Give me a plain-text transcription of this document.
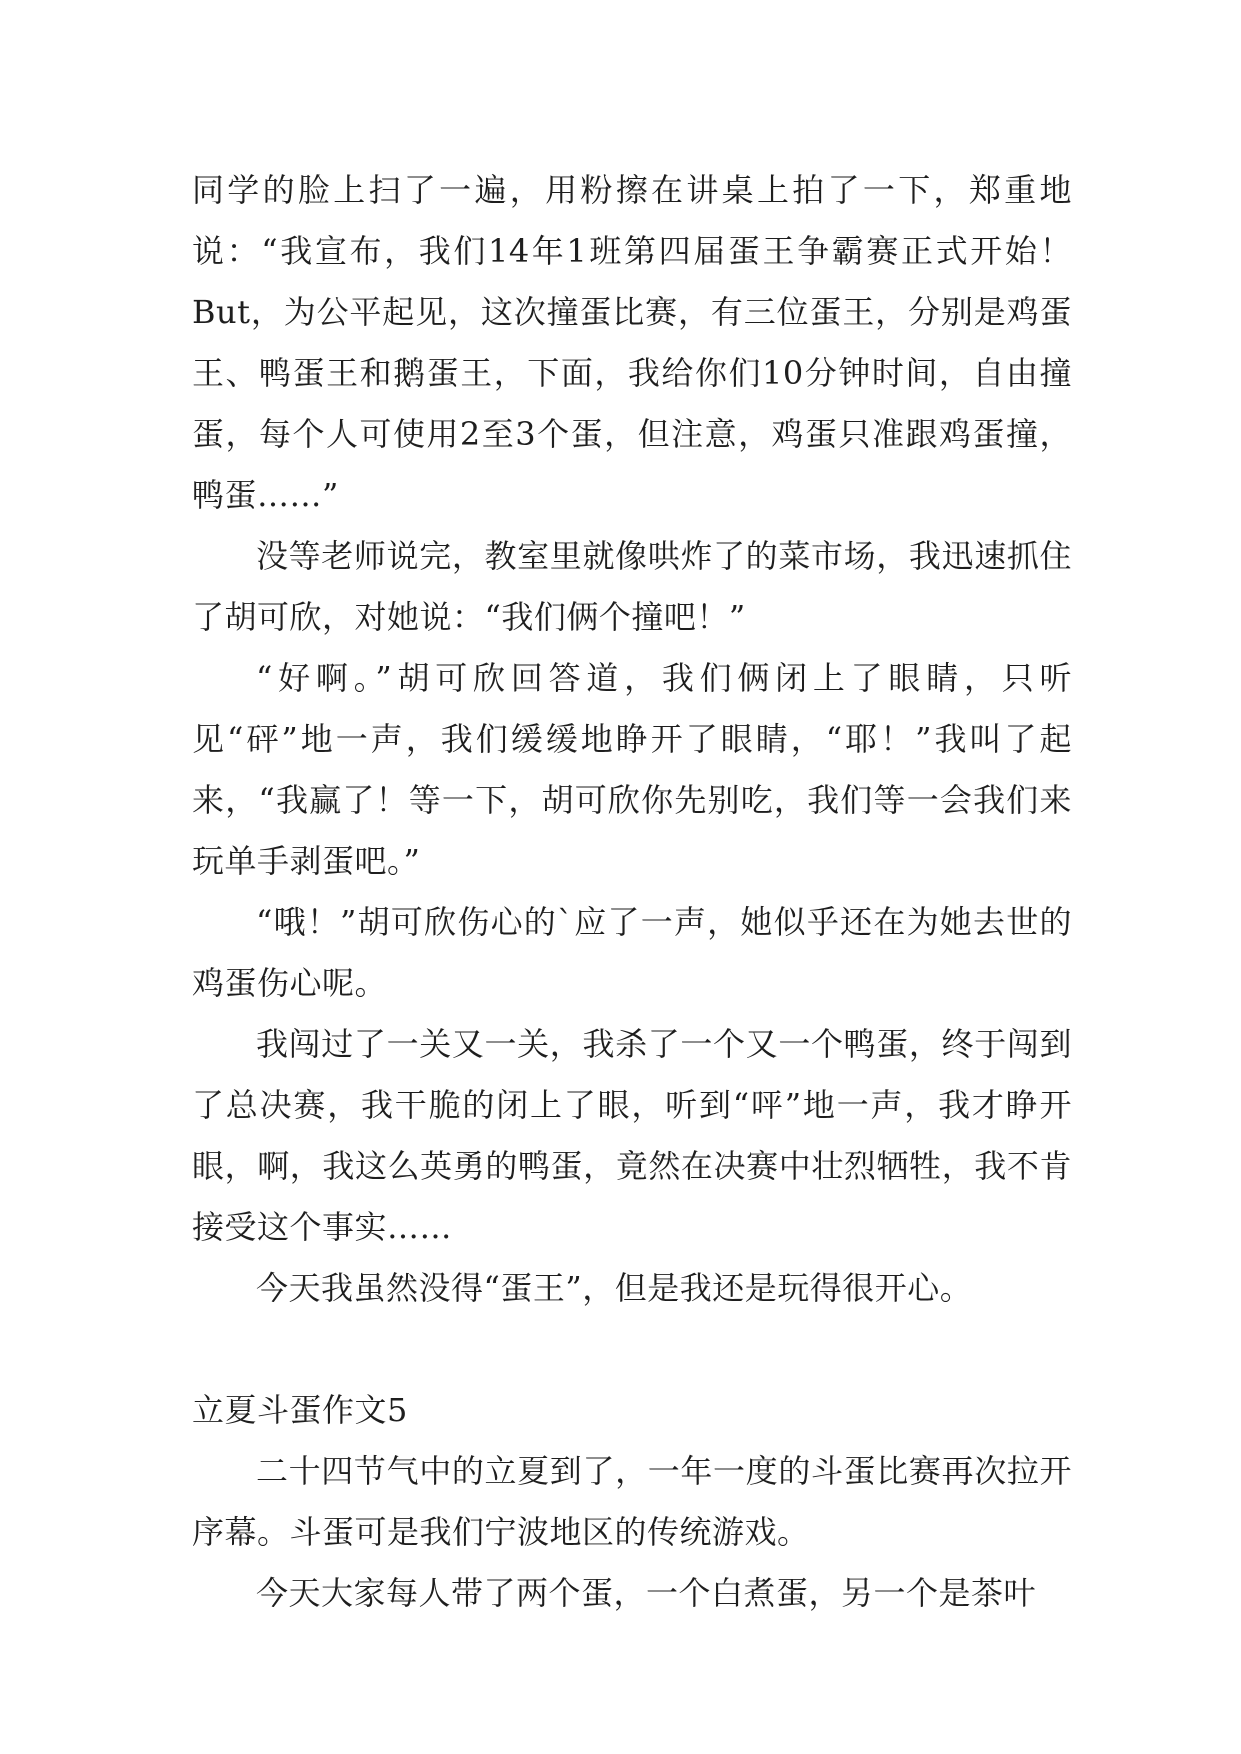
同学的脸上扫了一遍，用粉擦在讲桌上拍了一下，郑重地说：“我宣布，我们14年1班第四届蛋王争霸赛正式开始！But，为公平起见，这次撞蛋比赛，有三位蛋王，分别是鸡蛋王、鸭蛋王和鹅蛋王，下面，我给你们10分钟时间，自由撞蛋，每个人可使用2至3个蛋，但注意，鸡蛋只准跟鸡蛋撞，鸭蛋……”

没等老师说完，教室里就像哄炸了的菜市场，我迅速抓住了胡可欣，对她说：“我们俩个撞吧！”

“好啊。”胡可欣回答道，我们俩闭上了眼睛，只听见“砰”地一声，我们缓缓地睁开了眼睛，“耶！”我叫了起来，“我赢了！等一下，胡可欣你先别吃，我们等一会我们来玩单手剥蛋吧。”

“哦！”胡可欣伤心的`应了一声，她似乎还在为她去世的鸡蛋伤心呢。

我闯过了一关又一关，我杀了一个又一个鸭蛋，终于闯到了总决赛，我干脆的闭上了眼，听到“呯”地一声，我才睁开眼，啊，我这么英勇的鸭蛋，竟然在决赛中壮烈牺牲，我不肯接受这个事实……

今天我虽然没得“蛋王”，但是我还是玩得很开心。

立夏斗蛋作文5

二十四节气中的立夏到了，一年一度的斗蛋比赛再次拉开序幕。斗蛋可是我们宁波地区的传统游戏。

今天大家每人带了两个蛋，一个白煮蛋，另一个是茶叶
